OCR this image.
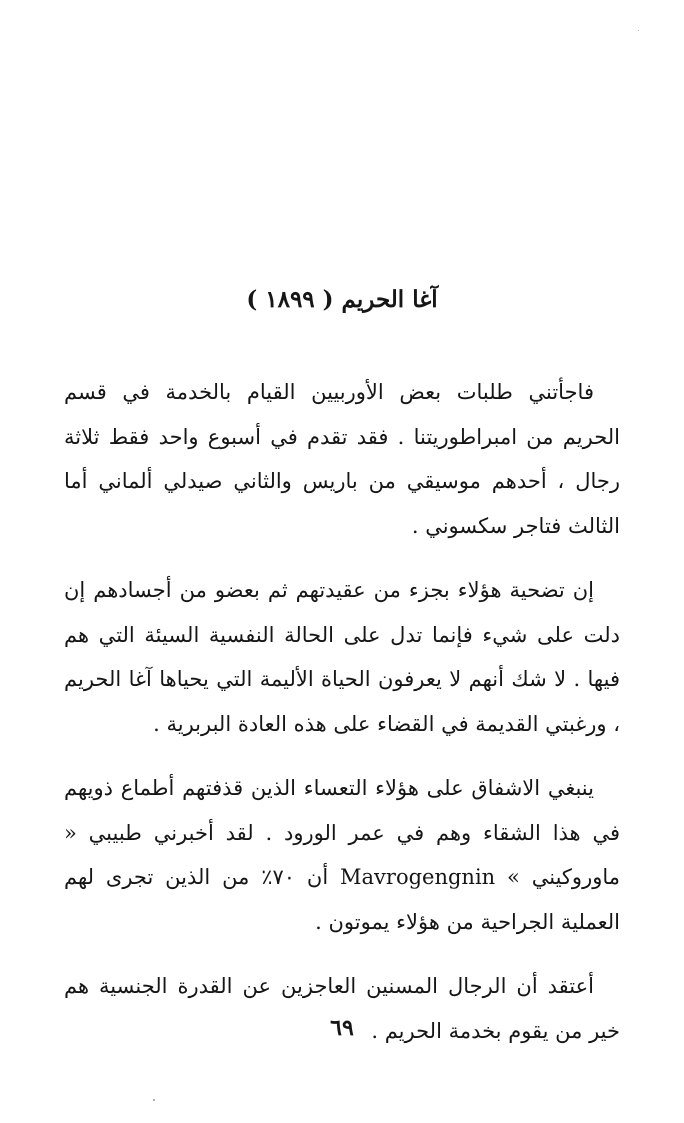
آغا الحريم ( ١٨٩٩ )

فاجأتني طلبات بعض الأوربيين القيام بالخدمة في قسم الحريم من امبراطوريتنا . فقد تقدم في أسبوع واحد فقط ثلاثة رجال ، أحدهم موسيقي من باريس والثاني صيدلي ألماني أما الثالث فتاجر سكسوني .

إن تضحية هؤلاء بجزء من عقيدتهم ثم بعضو من أجسادهم إن دلت على شيء فإنما تدل على الحالة النفسية السيئة التي هم فيها . لا شك أنهم لا يعرفون الحياة الأليمة التي يحياها آغا الحريم ، ورغبتي القديمة في القضاء على هذه العادة البربرية .

ينبغي الاشفاق على هؤلاء التعساء الذين قذفتهم أطماع ذويهم في هذا الشقاء وهم في عمر الورود . لقد أخبرني طبيبي « ماوروكيني » Mavrogengnin أن ٧٠٪ من الذين تجرى لهم العملية الجراحية من هؤلاء يموتون .

أعتقد أن الرجال المسنين العاجزين عن القدرة الجنسية هم خير من يقوم بخدمة الحريم .

٦٩
